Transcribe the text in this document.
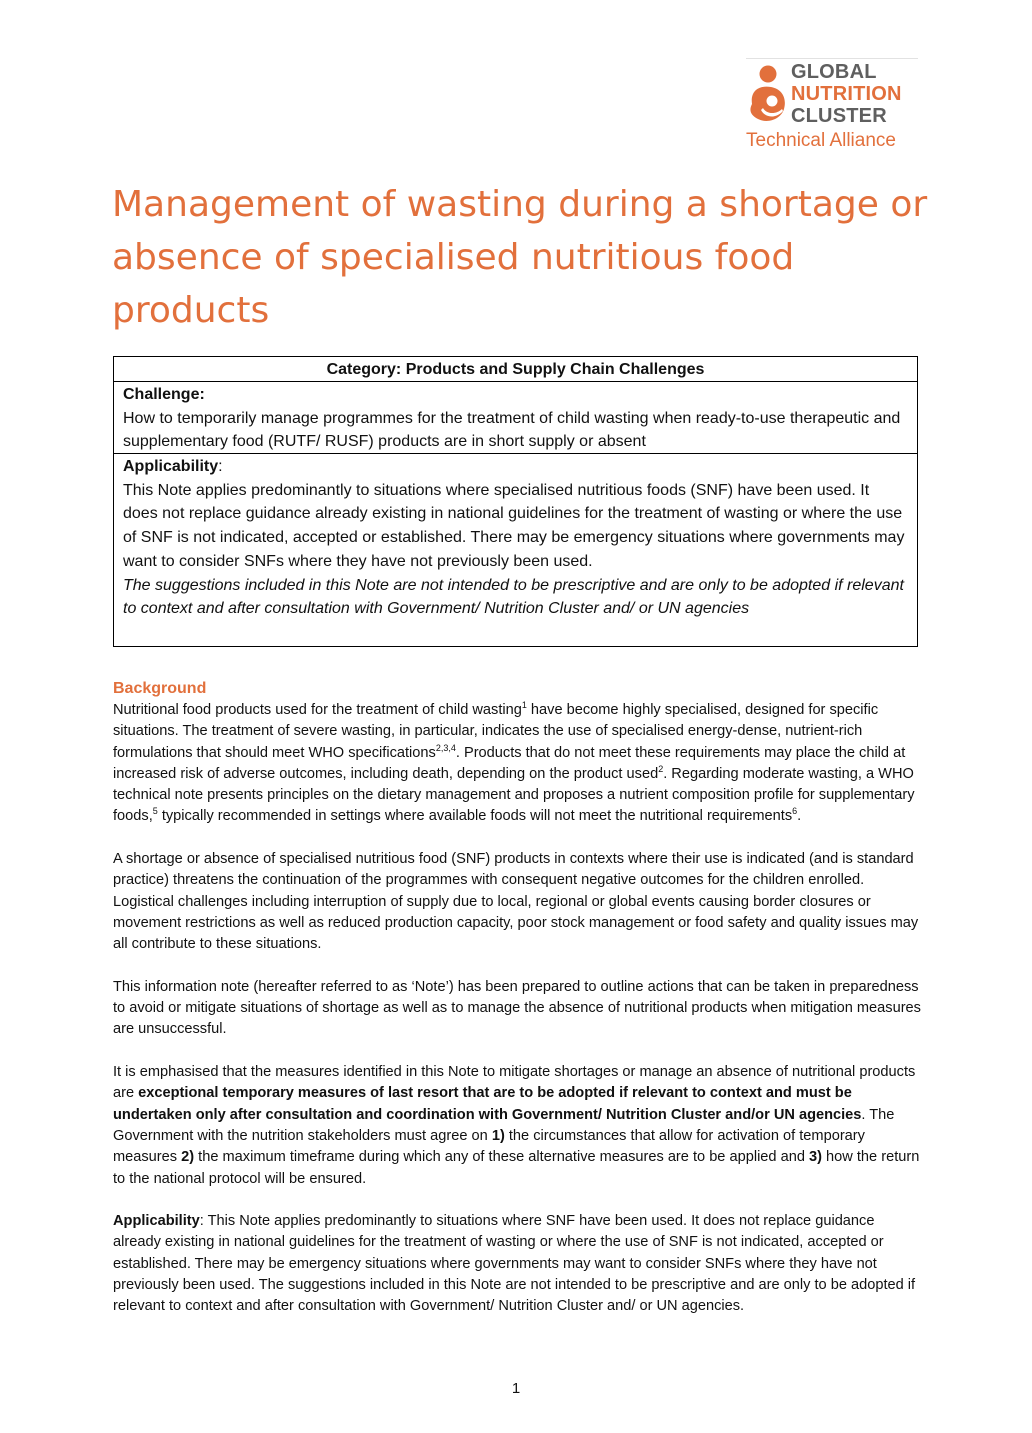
GLOBAL
NUTRITION
CLUSTER
Technical Alliance
Management of wasting during a shortage or absence of specialised nutritious food products
Category: Products and Supply Chain Challenges
Challenge:
How to temporarily manage programmes for the treatment of child wasting when ready-to-use therapeutic and supplementary food (RUTF/ RUSF) products are in short supply or absent
Applicability:
This Note applies predominantly to situations where specialised nutritious foods (SNF) have been used. It does not replace guidance already existing in national guidelines for the treatment of wasting or where the use of SNF is not indicated, accepted or established. There may be emergency situations where governments may want to consider SNFs where they have not previously been used.
The suggestions included in this Note are not intended to be prescriptive and are only to be adopted if relevant to context and after consultation with Government/ Nutrition Cluster and/ or UN agencies
Background

Nutritional food products used for the treatment of child wasting$^1$ have become highly specialised, designed for specific situations. The treatment of severe wasting, in particular, indicates the use of specialised energy-dense, nutrient-rich formulations that should meet WHO specifications$^{2,3,4}$. Products that do not meet these requirements may place the child at increased risk of adverse outcomes, including death, depending on the product used$^2$. Regarding moderate wasting, a WHO technical note presents principles on the dietary management and proposes a nutrient composition profile for supplementary foods,$^5$ typically recommended in settings where available foods will not meet the nutritional requirements$^6$.

A shortage or absence of specialised nutritious food (SNF) products in contexts where their use is indicated (and is standard practice) threatens the continuation of the programmes with consequent negative outcomes for the children enrolled. Logistical challenges including interruption of supply due to local, regional or global events causing border closures or movement restrictions as well as reduced production capacity, poor stock management or food safety and quality issues may all contribute to these situations.

This information note (hereafter referred to as ‘Note’) has been prepared to outline actions that can be taken in preparedness to avoid or mitigate situations of shortage as well as to manage the absence of nutritional products when mitigation measures are unsuccessful.

It is emphasised that the measures identified in this Note to mitigate shortages or manage an absence of nutritional products are exceptional temporary measures of last resort that are to be adopted if relevant to context and must be undertaken only after consultation and coordination with Government/ Nutrition Cluster and/or UN agencies. The Government with the nutrition stakeholders must agree on 1) the circumstances that allow for activation of temporary measures 2) the maximum timeframe during which any of these alternative measures are to be applied and 3) how the return to the national protocol will be ensured.

Applicability: This Note applies predominantly to situations where SNF have been used. It does not replace guidance already existing in national guidelines for the treatment of wasting or where the use of SNF is not indicated, accepted or established. There may be emergency situations where governments may want to consider SNFs where they have not previously been used. The suggestions included in this Note are not intended to be prescriptive and are only to be adopted if relevant to context and after consultation with Government/ Nutrition Cluster and/ or UN agencies.

1
